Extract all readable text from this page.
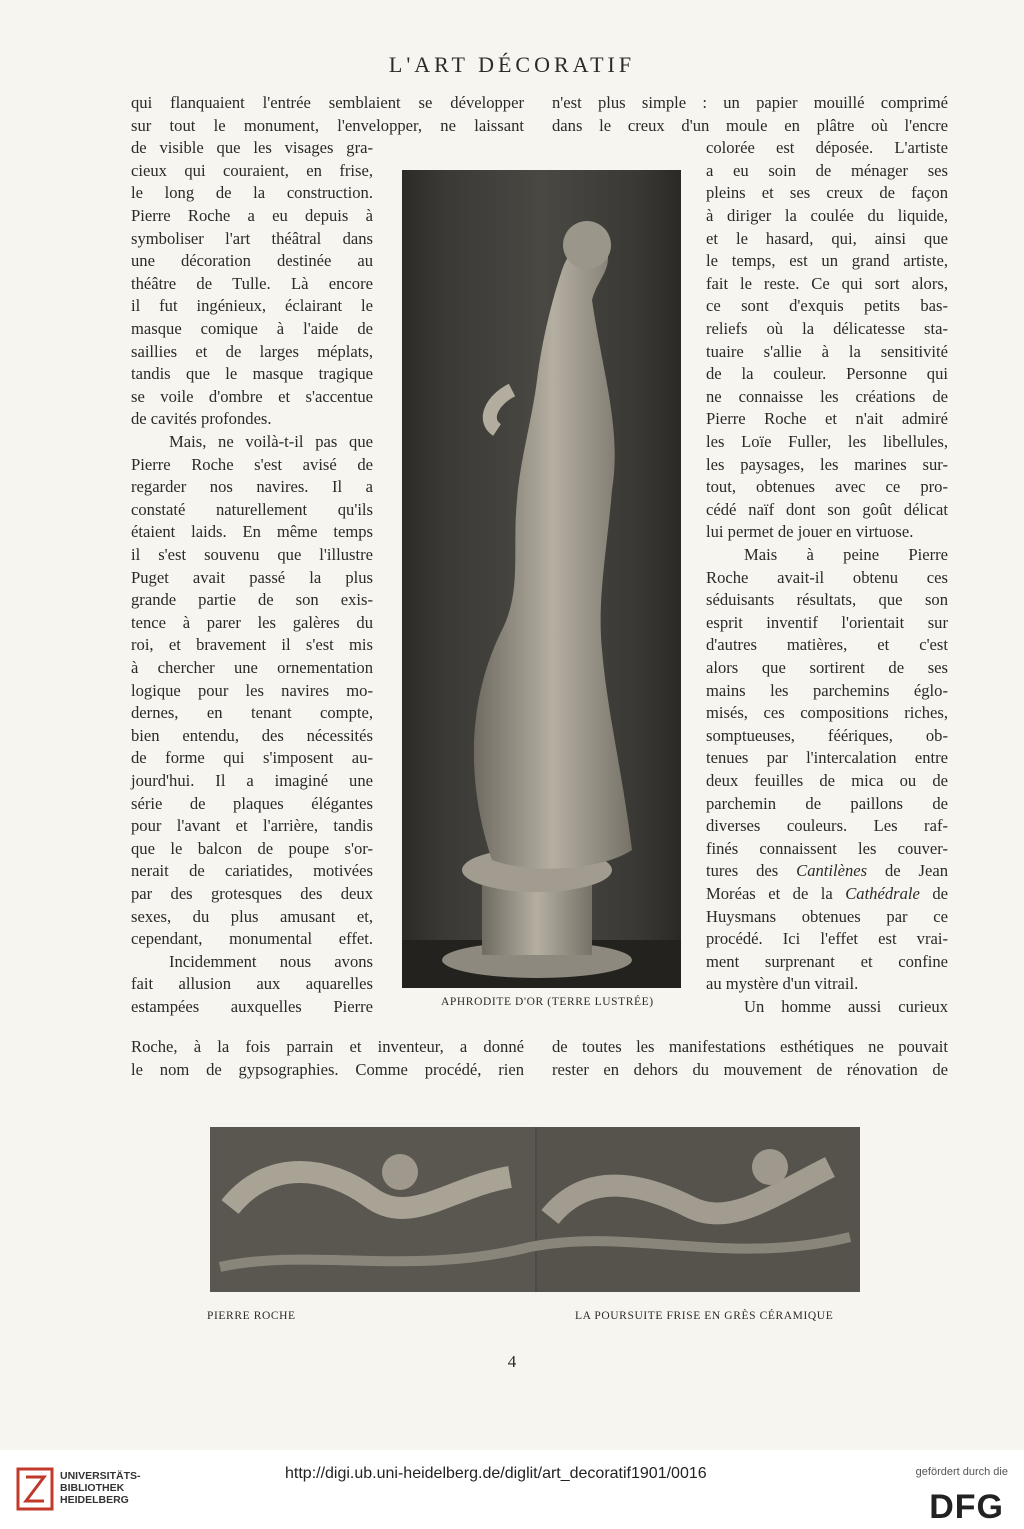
L'ART DÉCORATIF

qui flanquaient l'entrée semblaient se développer

sur tout le monument, l'envelopper, ne laissant

n'est plus simple : un papier mouillé comprimé

dans le creux d'un moule en plâtre où l'encre

de visible que les visages gra-

cieux qui couraient, en frise,

le long de la construction.

Pierre Roche a eu depuis à

symboliser l'art théâtral dans

une décoration destinée au

théâtre de Tulle. Là encore

il fut ingénieux, éclairant le

masque comique à l'aide de

saillies et de larges méplats,

tandis que le masque tragique

se voile d'ombre et s'accentue

de cavités profondes.

Mais, ne voilà-t-il pas que

Pierre Roche s'est avisé de

regarder nos navires. Il a

constaté naturellement qu'ils

étaient laids. En même temps

il s'est souvenu que l'illustre

Puget avait passé la plus

grande partie de son exis-

tence à parer les galères du

roi, et bravement il s'est mis

à chercher une ornementation

logique pour les navires mo-

dernes, en tenant compte,

bien entendu, des nécessités

de forme qui s'imposent au-

jourd'hui. Il a imaginé une

série de plaques élégantes

pour l'avant et l'arrière, tandis

que le balcon de poupe s'or-

nerait de cariatides, motivées

par des grotesques des deux

sexes, du plus amusant et,

cependant, monumental effet.

Incidemment nous avons

fait allusion aux aquarelles

estampées auxquelles Pierre

colorée est déposée. L'artiste

a eu soin de ménager ses

pleins et ses creux de façon

à diriger la coulée du liquide,

et le hasard, qui, ainsi que

le temps, est un grand artiste,

fait le reste. Ce qui sort alors,

ce sont d'exquis petits bas-

reliefs où la délicatesse sta-

tuaire s'allie à la sensitivité

de la couleur. Personne qui

ne connaisse les créations de

Pierre Roche et n'ait admiré

les Loïe Fuller, les libellules,

les paysages, les marines sur-

tout, obtenues avec ce pro-

cédé naïf dont son goût délicat

lui permet de jouer en virtuose.

Mais à peine Pierre

Roche avait-il obtenu ces

séduisants résultats, que son

esprit inventif l'orientait sur

d'autres matières, et c'est

alors que sortirent de ses

mains les parchemins églo-

misés, ces compositions riches,

somptueuses, féériques, ob-

tenues par l'intercalation entre

deux feuilles de mica ou de

parchemin de paillons de

diverses couleurs. Les raf-

finés connaissent les couver-

tures des Cantilènes de Jean

Moréas et de la Cathédrale de

Huysmans obtenues par ce

procédé. Ici l'effet est vrai-

ment surprenant et confine

au mystère d'un vitrail.

Un homme aussi curieux

Roche, à la fois parrain et inventeur, a donné

le nom de gypsographies. Comme procédé, rien

de toutes les manifestations esthétiques ne pouvait

rester en dehors du mouvement de rénovation de

APHRODITE D'OR (TERRE LUSTRÉE)
PIERRE ROCHE	LA POURSUITE FRISE EN GRÈS CÉRAMIQUE
4
UNIVERSITÄTS-
BIBLIOTHEK
HEIDELBERG
http://digi.ub.uni-heidelberg.de/diglit/art_decoratif1901/0016	gefördert durch die
DFG
